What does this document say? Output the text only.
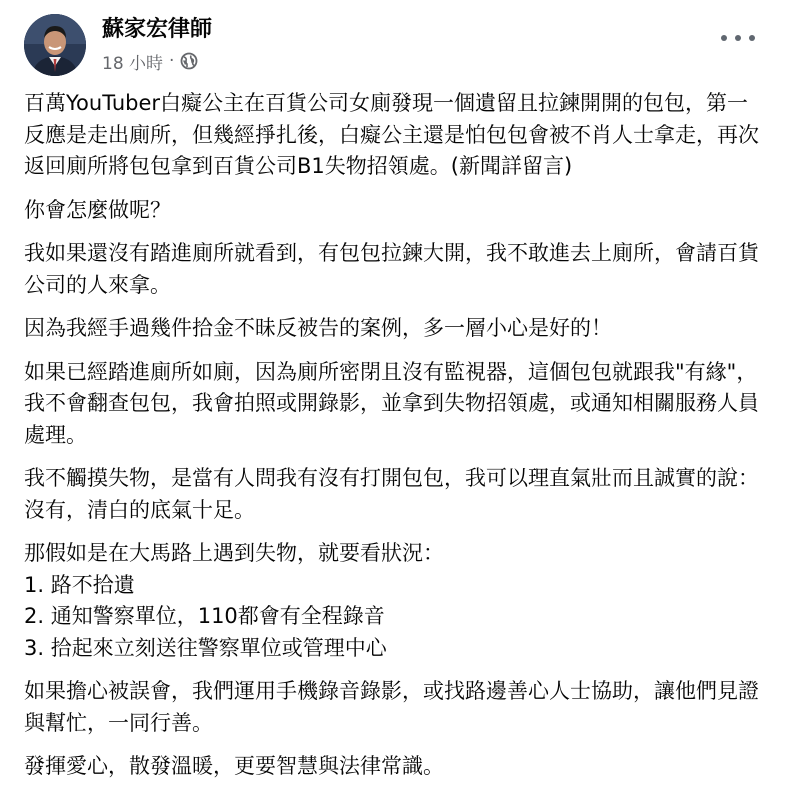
蘇家宏律師
18 小時 ·

百萬YouTuber白癡公主在百貨公司女廁發現一個遺留且拉鍊開開的包包，第一反應是走出廁所，但幾經掙扎後，白癡公主還是怕包包會被不肖人士拿走，再次返回廁所將包包拿到百貨公司B1失物招領處。(新聞詳留言)

你會怎麼做呢？

我如果還沒有踏進廁所就看到，有包包拉鍊大開，我不敢進去上廁所，會請百貨公司的人來拿。

因為我經手過幾件拾金不昧反被告的案例，多一層小心是好的！

如果已經踏進廁所如廁，因為廁所密閉且沒有監視器，這個包包就跟我"有緣"，我不會翻查包包，我會拍照或開錄影，並拿到失物招領處，或通知相關服務人員處理。

我不觸摸失物，是當有人問我有沒有打開包包，我可以理直氣壯而且誠實的說：沒有，清白的底氣十足。

那假如是在大馬路上遇到失物，就要看狀況：

1. 路不拾遺
2. 通知警察單位，110都會有全程錄音
3. 拾起來立刻送往警察單位或管理中心

如果擔心被誤會，我們運用手機錄音錄影，或找路邊善心人士協助，讓他們見證與幫忙，一同行善。

發揮愛心，散發溫暖，更要智慧與法律常識。
